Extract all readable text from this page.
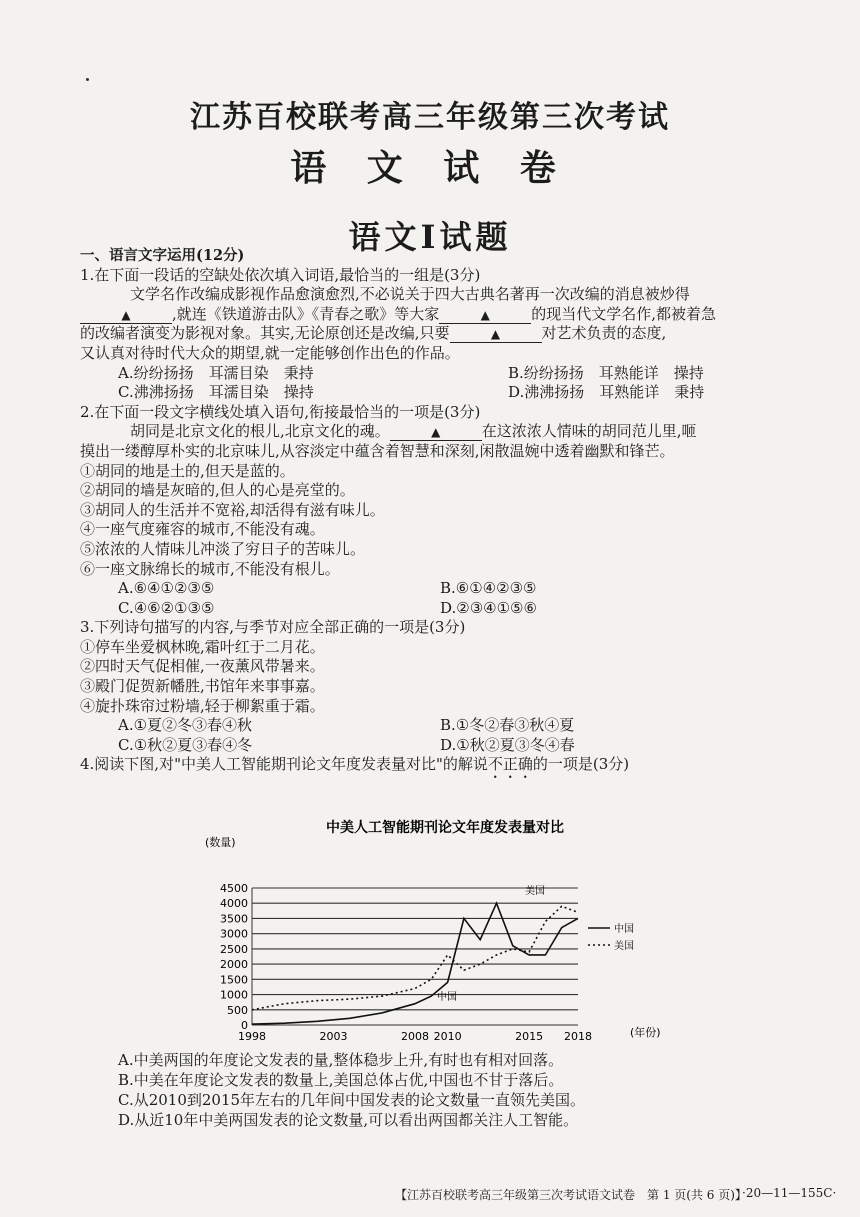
江苏百校联考高三年级第三次考试
语 文 试 卷
语文Ⅰ试题

一、语言文字运用(12分)

1.在下面一段话的空缺处依次填入词语,最恰当的一组是(3分)

文学名作改编成影视作品愈演愈烈,不必说关于四大古典名著再一次改编的消息被炒得

▲	,就连《铁道游击队》《青春之歌》等大家	▲	的现当代文学名作,都被着急

的改编者演变为影视对象。其实,无论原创还是改编,只要	▲	对艺术负责的态度,

又认真对待时代大众的期望,就一定能够创作出色的作品。

A.纷纷扬扬　耳濡目染　秉持	B.纷纷扬扬　耳熟能详　操持
C.沸沸扬扬　耳濡目染　操持	D.沸沸扬扬　耳熟能详　秉持

2.在下面一段文字横线处填入语句,衔接最恰当的一项是(3分)

胡同是北京文化的根儿,北京文化的魂。	▲	在这浓浓人情味的胡同范儿里,咂

摸出一缕醇厚朴实的北京味儿,从容淡定中蕴含着智慧和深刻,闲散温婉中透着幽默和锋芒。

①胡同的地是土的,但天是蓝的。

②胡同的墙是灰暗的,但人的心是亮堂的。

③胡同人的生活并不宽裕,却活得有滋有味儿。

④一座气度雍容的城市,不能没有魂。

⑤浓浓的人情味儿冲淡了穷日子的苦味儿。

⑥一座文脉绵长的城市,不能没有根儿。

A.⑥④①②③⑤	B.⑥①④②③⑤
C.④⑥②①③⑤	D.②③④①⑤⑥

3.下列诗句描写的内容,与季节对应全部正确的一项是(3分)

①停车坐爱枫林晚,霜叶红于二月花。

②四时天气促相催,一夜薰风带暑来。

③殿门促贺新幡胜,书馆年来事事嘉。

④旋扑珠帘过粉墙,轻于柳絮重于霜。

A.①夏②冬③春④秋	B.①冬②春③秋④夏
C.①秋②夏③春④冬	D.①秋②夏③冬④春

4.阅读下图,对"中美人工智能期刊论文年度发表量对比"的解说不正确的一项是(3分)

中美人工智能期刊论文年度发表量对比
(数量)
(年份)
0
500
1000
1500
2000
2500
3000
3500
4000
4500
1998	2003	2008 2010	2015 2018
中国
美国
美国
中国

A.中美两国的年度论文发表的量,整体稳步上升,有时也有相对回落。

B.中美在年度论文发表的数量上,美国总体占优,中国也不甘于落后。

C.从2010到2015年左右的几年间中国发表的论文数量一直领先美国。

D.从近10年中美两国发表的论文数量,可以看出两国都关注人工智能。

【江苏百校联考高三年级第三次考试语文试卷　第 1 页(共 6 页)】
·20—11—155C·
